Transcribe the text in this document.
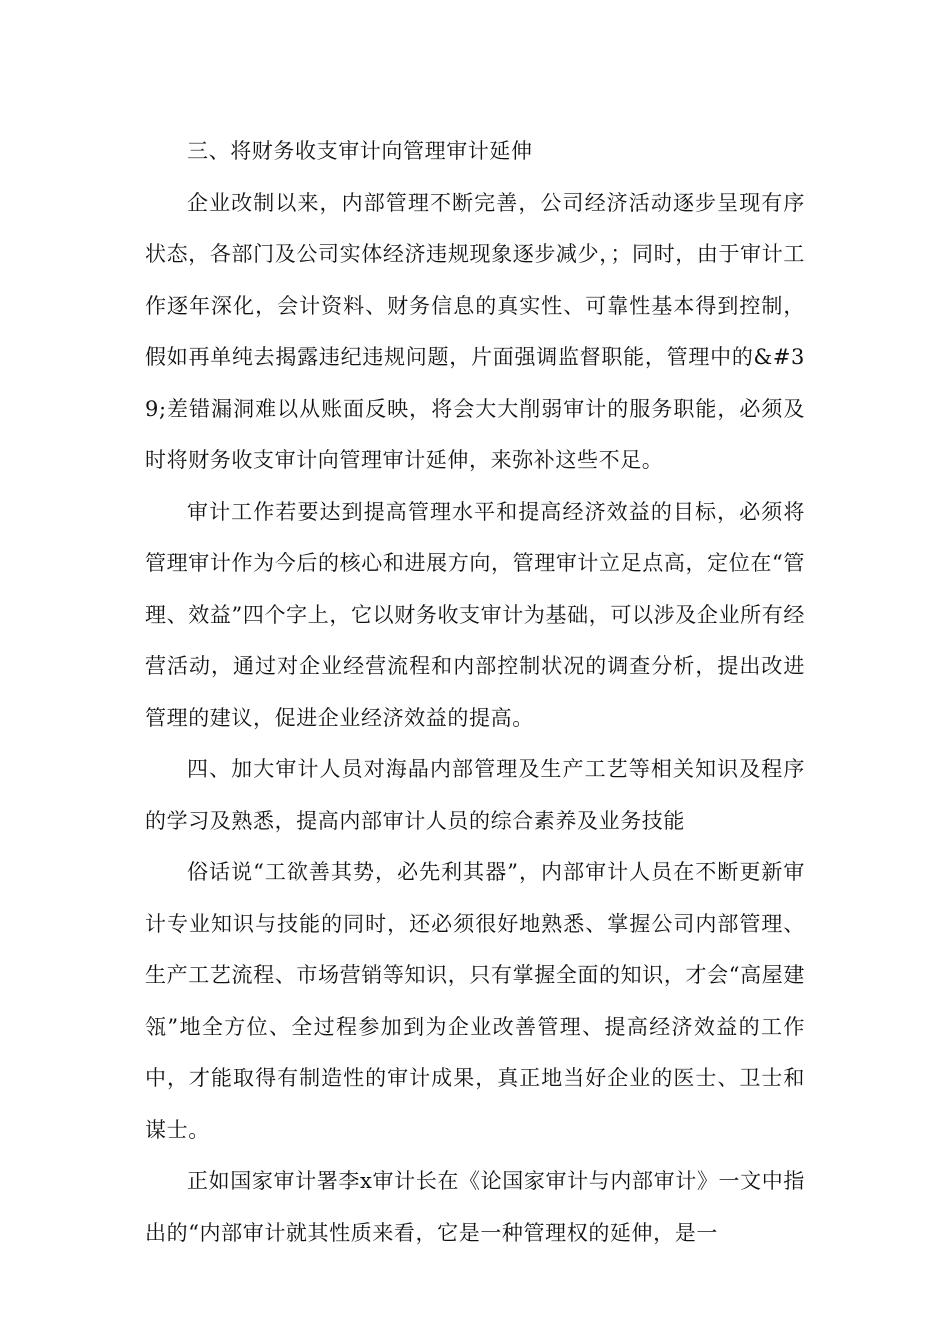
三、将财务收支审计向管理审计延伸

企业改制以来，内部管理不断完善，公司经济活动逐步呈现有序状态，各部门及公司实体经济违规现象逐步减少，；同时，由于审计工作逐年深化，会计资料、财务信息的真实性、可靠性基本得到控制，假如再单纯去揭露违纪违规问题，片面强调监督职能，管理中的&#39;差错漏洞难以从账面反映，将会大大削弱审计的服务职能，必须及时将财务收支审计向管理审计延伸，来弥补这些不足。

审计工作若要达到提高管理水平和提高经济效益的目标，必须将管理审计作为今后的核心和进展方向，管理审计立足点高，定位在“管理、效益”四个字上，它以财务收支审计为基础，可以涉及企业所有经营活动，通过对企业经营流程和内部控制状况的调查分析，提出改进管理的建议，促进企业经济效益的提高。

四、加大审计人员对海晶内部管理及生产工艺等相关知识及程序的学习及熟悉，提高内部审计人员的综合素养及业务技能

俗话说“工欲善其势，必先利其器”，内部审计人员在不断更新审计专业知识与技能的同时，还必须很好地熟悉、掌握公司内部管理、生产工艺流程、市场营销等知识，只有掌握全面的知识，才会“高屋建瓴”地全方位、全过程参加到为企业改善管理、提高经济效益的工作中，才能取得有制造性的审计成果，真正地当好企业的医士、卫士和谋士。

正如国家审计署李x审计长在《论国家审计与内部审计》一文中指出的“内部审计就其性质来看，它是一种管理权的延伸，是一
